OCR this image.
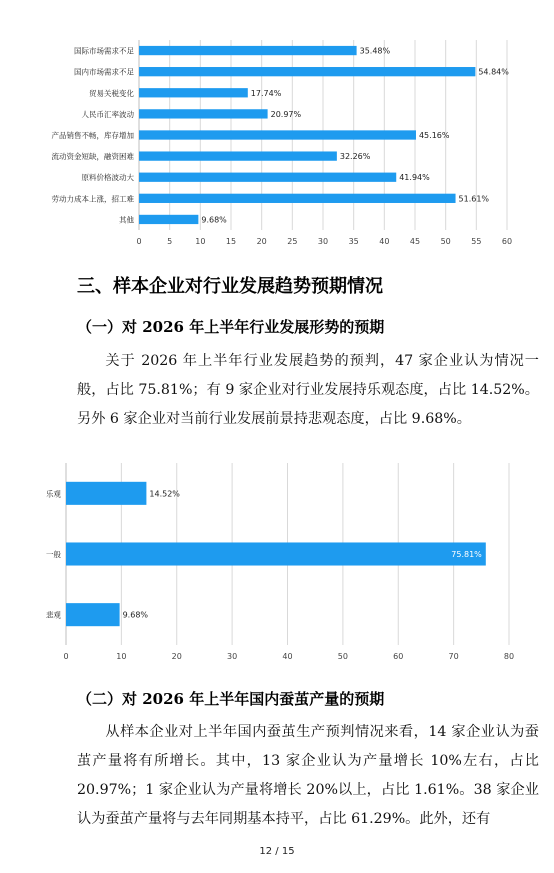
0	5	10	15	20	25	30	35	40	45	50	55	60
国际市场需求不足	35.48%
国内市场需求不足	54.84%
贸易关税变化	17.74%
人民币汇率波动	20.97%
产品销售不畅，库存增加	45.16%
流动资金短缺，融资困难	32.26%
原料价格波动大	41.94%
劳动力成本上涨，招工难	51.61%
其他	9.68%
三、样本企业对行业发展趋势预期情况
（一）对 2026 年上半年行业发展形势的预期

关于 2026 年上半年行业发展趋势的预判，47 家企业认为情况一般，占比 75.81%；有 9 家企业对行业发展持乐观态度，占比 14.52%。另外 6 家企业对当前行业发展前景持悲观态度，占比 9.68%。

0	10	20	30	40	50	60	70	80
乐观	14.52%
一般	75.81%
悲观	9.68%
（二）对 2026 年上半年国内蚕茧产量的预期

从样本企业对上半年国内蚕茧生产预判情况来看，14 家企业认为蚕茧产量将有所增长。其中，13 家企业认为产量增长 10%左右，占比 20.97%；1 家企业认为产量将增长 20%以上，占比 1.61%。38 家企业认为蚕茧产量将与去年同期基本持平，占比 61.29%。此外，还有

12 / 15
